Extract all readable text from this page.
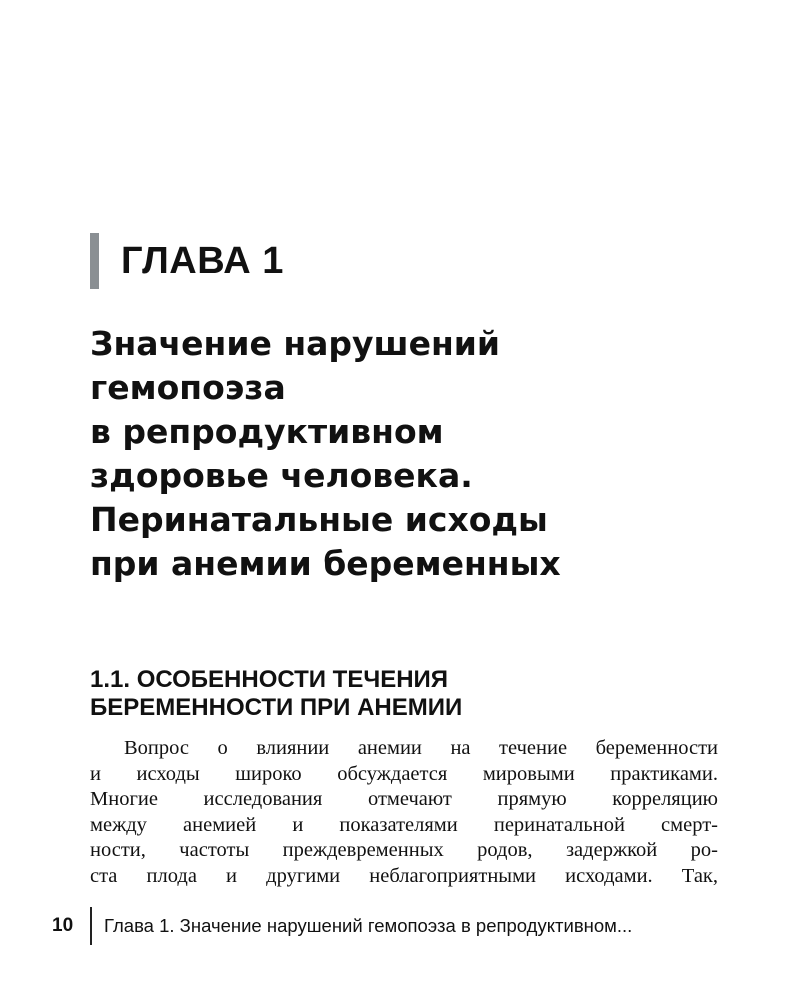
ГЛАВА 1
Значение нарушений
гемопоэза
в репродуктивном
здоровье человека.
Перинатальные исходы
при анемии беременных
1.1. ОСОБЕННОСТИ ТЕЧЕНИЯ
БЕРЕМЕННОСТИ ПРИ АНЕМИИ
Вопрос о влиянии анемии на течение беременности
и исходы широко обсуждается мировыми практиками.
Многие исследования отмечают прямую корреляцию
между анемией и показателями перинатальной смерт-
ности, частоты преждевременных родов, задержкой ро-
ста плода и другими неблагоприятными исходами. Так,
10	Глава 1. Значение нарушений гемопоэза в репродуктивном...
